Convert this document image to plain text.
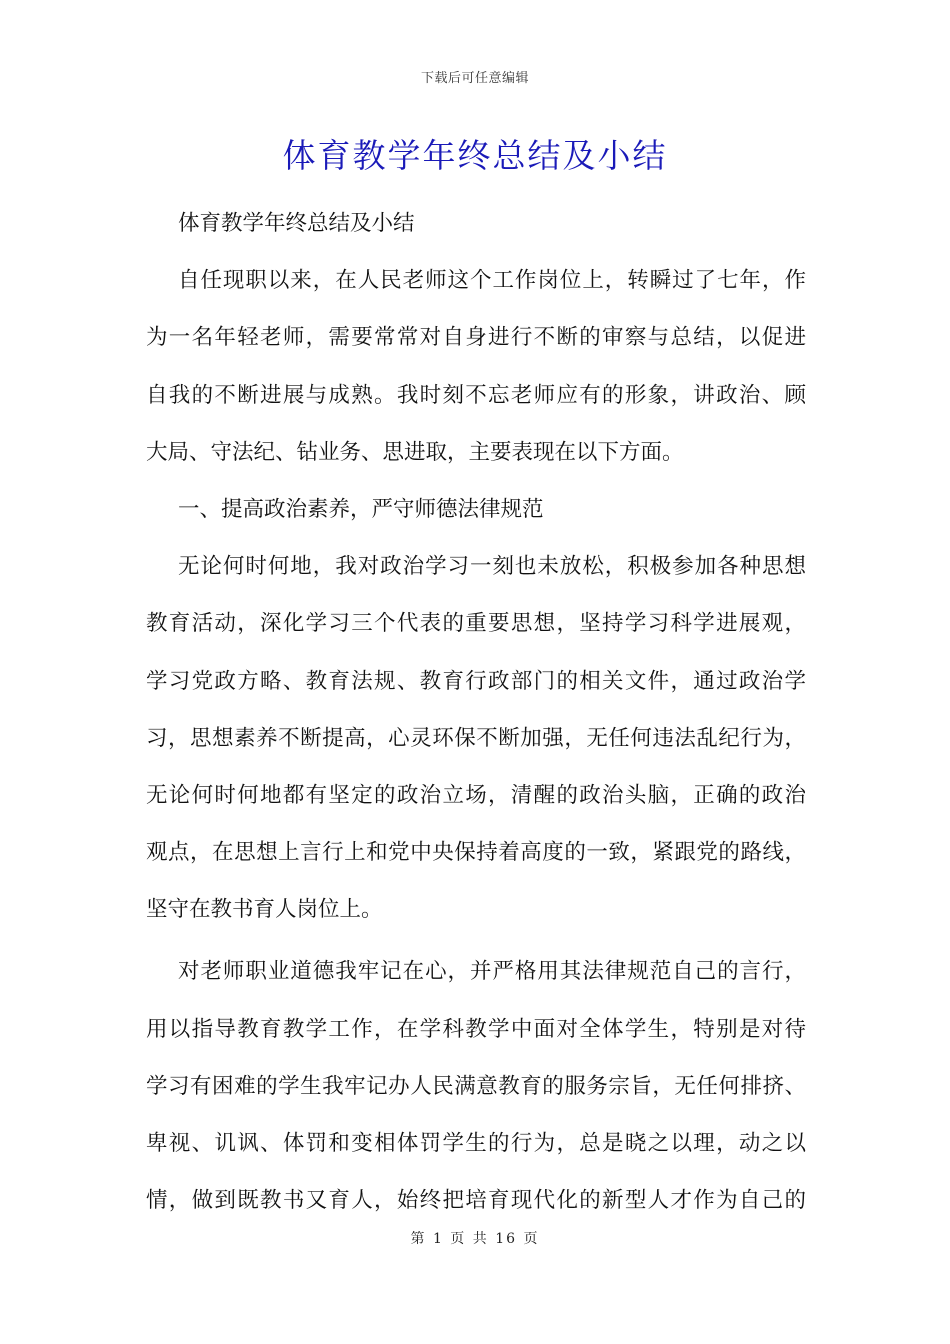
下载后可任意编辑
体育教学年终总结及小结
体育教学年终总结及小结
自任现职以来，在人民老师这个工作岗位上，转瞬过了七年，作
为一名年轻老师，需要常常对自身进行不断的审察与总结，以促进
自我的不断进展与成熟。我时刻不忘老师应有的形象，讲政治、顾
大局、守法纪、钻业务、思进取，主要表现在以下方面。
一、提高政治素养，严守师德法律规范
无论何时何地，我对政治学习一刻也未放松，积极参加各种思想
教育活动，深化学习三个代表的重要思想，坚持学习科学进展观，
学习党政方略、教育法规、教育行政部门的相关文件，通过政治学
习，思想素养不断提高，心灵环保不断加强，无任何违法乱纪行为，
无论何时何地都有坚定的政治立场，清醒的政治头脑，正确的政治
观点，在思想上言行上和党中央保持着高度的一致，紧跟党的路线，
坚守在教书育人岗位上。
对老师职业道德我牢记在心，并严格用其法律规范自己的言行，
用以指导教育教学工作，在学科教学中面对全体学生，特别是对待
学习有困难的学生我牢记办人民满意教育的服务宗旨，无任何排挤、
卑视、讥讽、体罚和变相体罚学生的行为，总是晓之以理，动之以
情，做到既教书又育人，始终把培育现代化的新型人才作为自己的
第 1 页 共 16 页
